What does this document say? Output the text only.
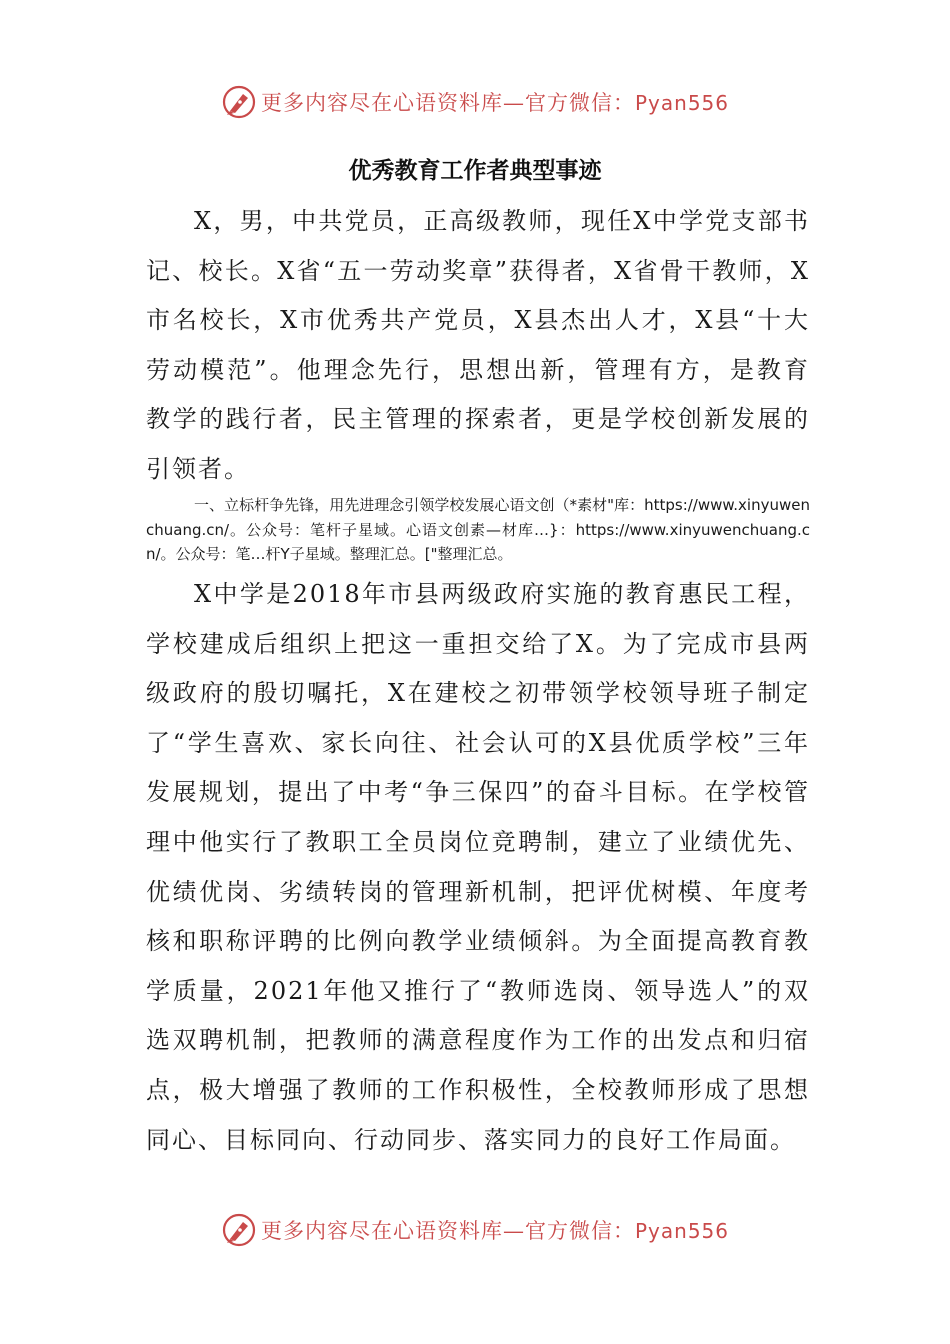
更多内容尽在心语资料库—官方微信：Pyan556
优秀教育工作者典型事迹

X，男，中共党员，正高级教师，现任X中学党支部书记、校长。X省“五一劳动奖章”获得者，X省骨干教师，X市名校长，X市优秀共产党员，X县杰出人才，X县“十大劳动模范”。他理念先行，思想出新，管理有方，是教育教学的践行者，民主管理的探索者，更是学校创新发展的引领者。

一、立标杆争先锋，用先进理念引领学校发展心语文创（*素材"库：https://www.xinyuwenchuang.cn/。公众号：笔杆子星域。心语文创素—材库…}：https://www.xinyuwenchuang.cn/。公众号：笔…杆Y子星域。整理汇总。["整理汇总。

X中学是2018年市县两级政府实施的教育惠民工程，学校建成后组织上把这一重担交给了X。为了完成市县两级政府的殷切嘱托，X在建校之初带领学校领导班子制定了“学生喜欢、家长向往、社会认可的X县优质学校”三年发展规划，提出了中考“争三保四”的奋斗目标。在学校管理中他实行了教职工全员岗位竞聘制，建立了业绩优先、优绩优岗、劣绩转岗的管理新机制，把评优树模、年度考核和职称评聘的比例向教学业绩倾斜。为全面提高教育教学质量，2021年他又推行了“教师选岗、领导选人”的双选双聘机制，把教师的满意程度作为工作的出发点和归宿点，极大增强了教师的工作积极性，全校教师形成了思想同心、目标同向、行动同步、落实同力的良好工作局面。

更多内容尽在心语资料库—官方微信：Pyan556
